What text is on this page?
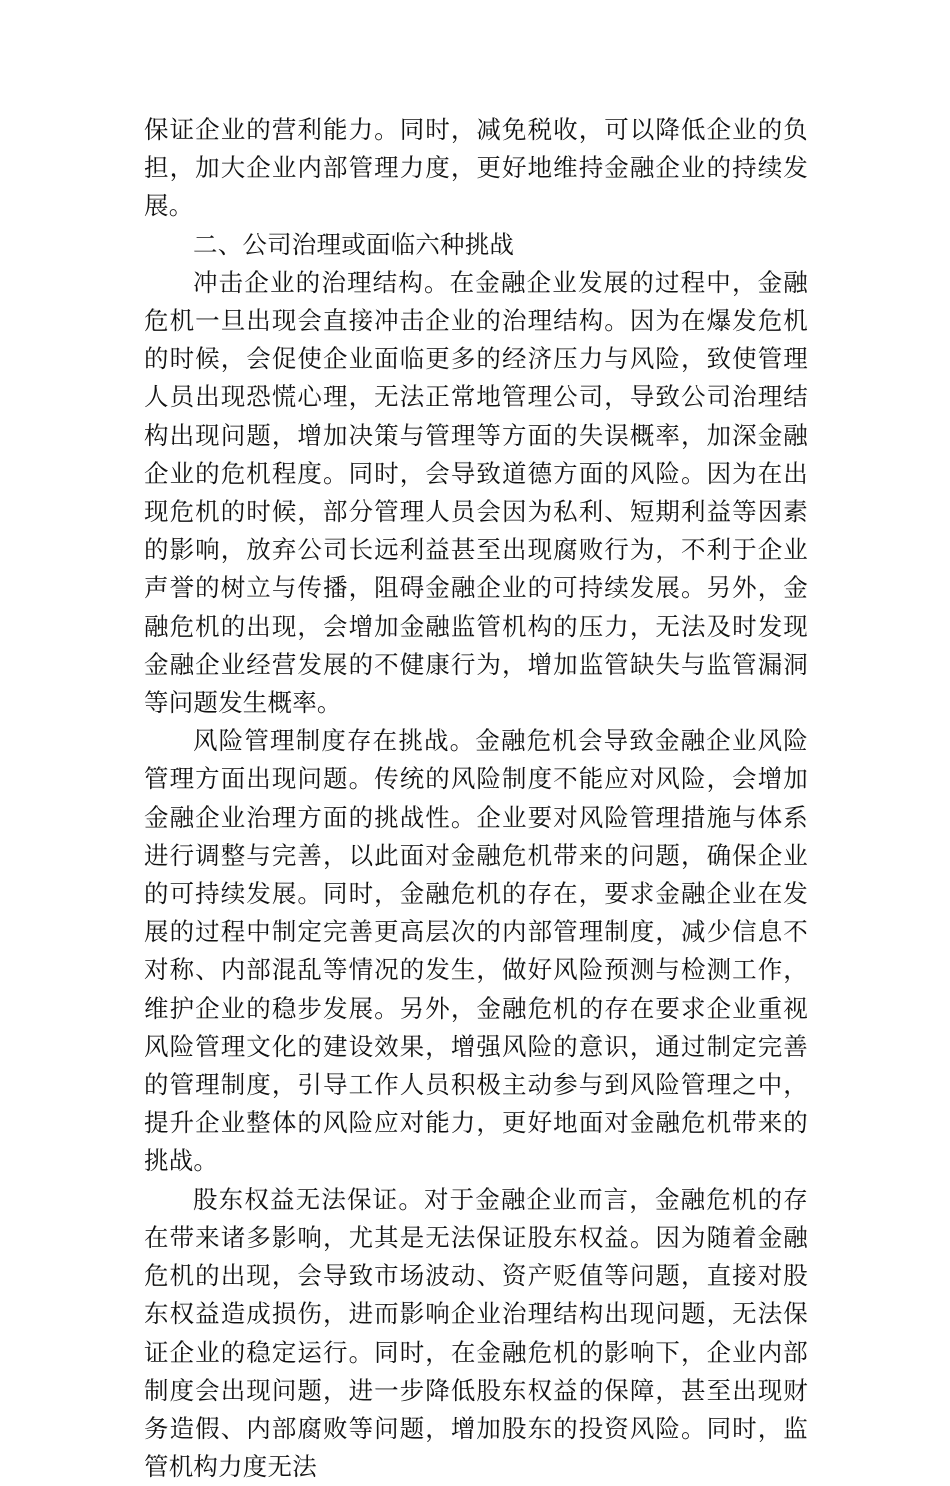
保证企业的营利能力。同时，减免税收，可以降低企业的负担，加大企业内部管理力度，更好地维持金融企业的持续发展。

二、公司治理或面临六种挑战

冲击企业的治理结构。在金融企业发展的过程中，金融危机一旦出现会直接冲击企业的治理结构。因为在爆发危机的时候，会促使企业面临更多的经济压力与风险，致使管理人员出现恐慌心理，无法正常地管理公司，导致公司治理结构出现问题，增加决策与管理等方面的失误概率，加深金融企业的危机程度。同时，会导致道德方面的风险。因为在出现危机的时候，部分管理人员会因为私利、短期利益等因素的影响，放弃公司长远利益甚至出现腐败行为，不利于企业声誉的树立与传播，阻碍金融企业的可持续发展。另外，金融危机的出现，会增加金融监管机构的压力，无法及时发现金融企业经营发展的不健康行为，增加监管缺失与监管漏洞等问题发生概率。

风险管理制度存在挑战。金融危机会导致金融企业风险管理方面出现问题。传统的风险制度不能应对风险，会增加金融企业治理方面的挑战性。企业要对风险管理措施与体系进行调整与完善，以此面对金融危机带来的问题，确保企业的可持续发展。同时，金融危机的存在，要求金融企业在发展的过程中制定完善更高层次的内部管理制度，减少信息不对称、内部混乱等情况的发生，做好风险预测与检测工作，维护企业的稳步发展。另外，金融危机的存在要求企业重视风险管理文化的建设效果，增强风险的意识，通过制定完善的管理制度，引导工作人员积极主动参与到风险管理之中，提升企业整体的风险应对能力，更好地面对金融危机带来的挑战。

股东权益无法保证。对于金融企业而言，金融危机的存在带来诸多影响，尤其是无法保证股东权益。因为随着金融危机的出现，会导致市场波动、资产贬值等问题，直接对股东权益造成损伤，进而影响企业治理结构出现问题，无法保证企业的稳定运行。同时，在金融危机的影响下，企业内部制度会出现问题，进一步降低股东权益的保障，甚至出现财务造假、内部腐败等问题，增加股东的投资风险。同时，监管机构力度无法
